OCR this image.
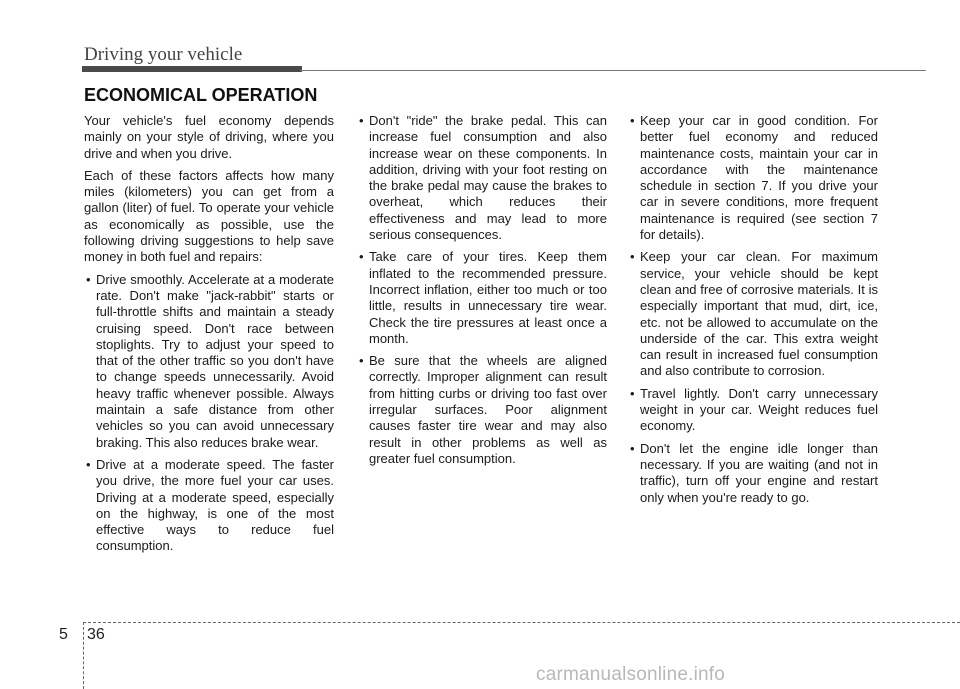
Driving your vehicle
ECONOMICAL OPERATION

Your vehicle's fuel economy depends mainly on your style of driving, where you drive and when you drive.

Each of these factors affects how many miles (kilometers) you can get from a gallon (liter) of fuel. To operate your vehicle as economically as possible, use the following driving suggestions to help save money in both fuel and repairs:

• Drive smoothly. Accelerate at a moderate rate. Don't make "jack-rabbit" starts or full-throttle shifts and maintain a steady cruising speed. Don't race between stoplights. Try to adjust your speed to that of the other traffic so you don't have to change speeds unnecessarily. Avoid heavy traffic whenever possible. Always maintain a safe distance from other vehicles so you can avoid unnecessary braking. This also reduces brake wear.
• Drive at a moderate speed. The faster you drive, the more fuel your car uses. Driving at a moderate speed, especially on the highway, is one of the most effective ways to reduce fuel consumption.
• Don't "ride" the brake pedal. This can increase fuel consumption and also increase wear on these components. In addition, driving with your foot resting on the brake pedal may cause the brakes to overheat, which reduces their effectiveness and may lead to more serious consequences.
• Take care of your tires. Keep them inflated to the recommended pressure. Incorrect inflation, either too much or too little, results in unnecessary tire wear. Check the tire pressures at least once a month.
• Be sure that the wheels are aligned correctly. Improper alignment can result from hitting curbs or driving too fast over irregular surfaces. Poor alignment causes faster tire wear and may also result in other problems as well as greater fuel consumption.
• Keep your car in good condition. For better fuel economy and reduced maintenance costs, maintain your car in accordance with the maintenance schedule in section 7. If you drive your car in severe conditions, more frequent maintenance is required (see section 7 for details).
• Keep your car clean. For maximum service, your vehicle should be kept clean and free of corrosive materials. It is especially important that mud, dirt, ice, etc. not be allowed to accumulate on the underside of the car. This extra weight can result in increased fuel consumption and also contribute to corrosion.
• Travel lightly. Don't carry unnecessary weight in your car. Weight reduces fuel economy.
• Don't let the engine idle longer than necessary. If you are waiting (and not in traffic), turn off your engine and restart only when you're ready to go.
5 36
carmanualsonline.info
